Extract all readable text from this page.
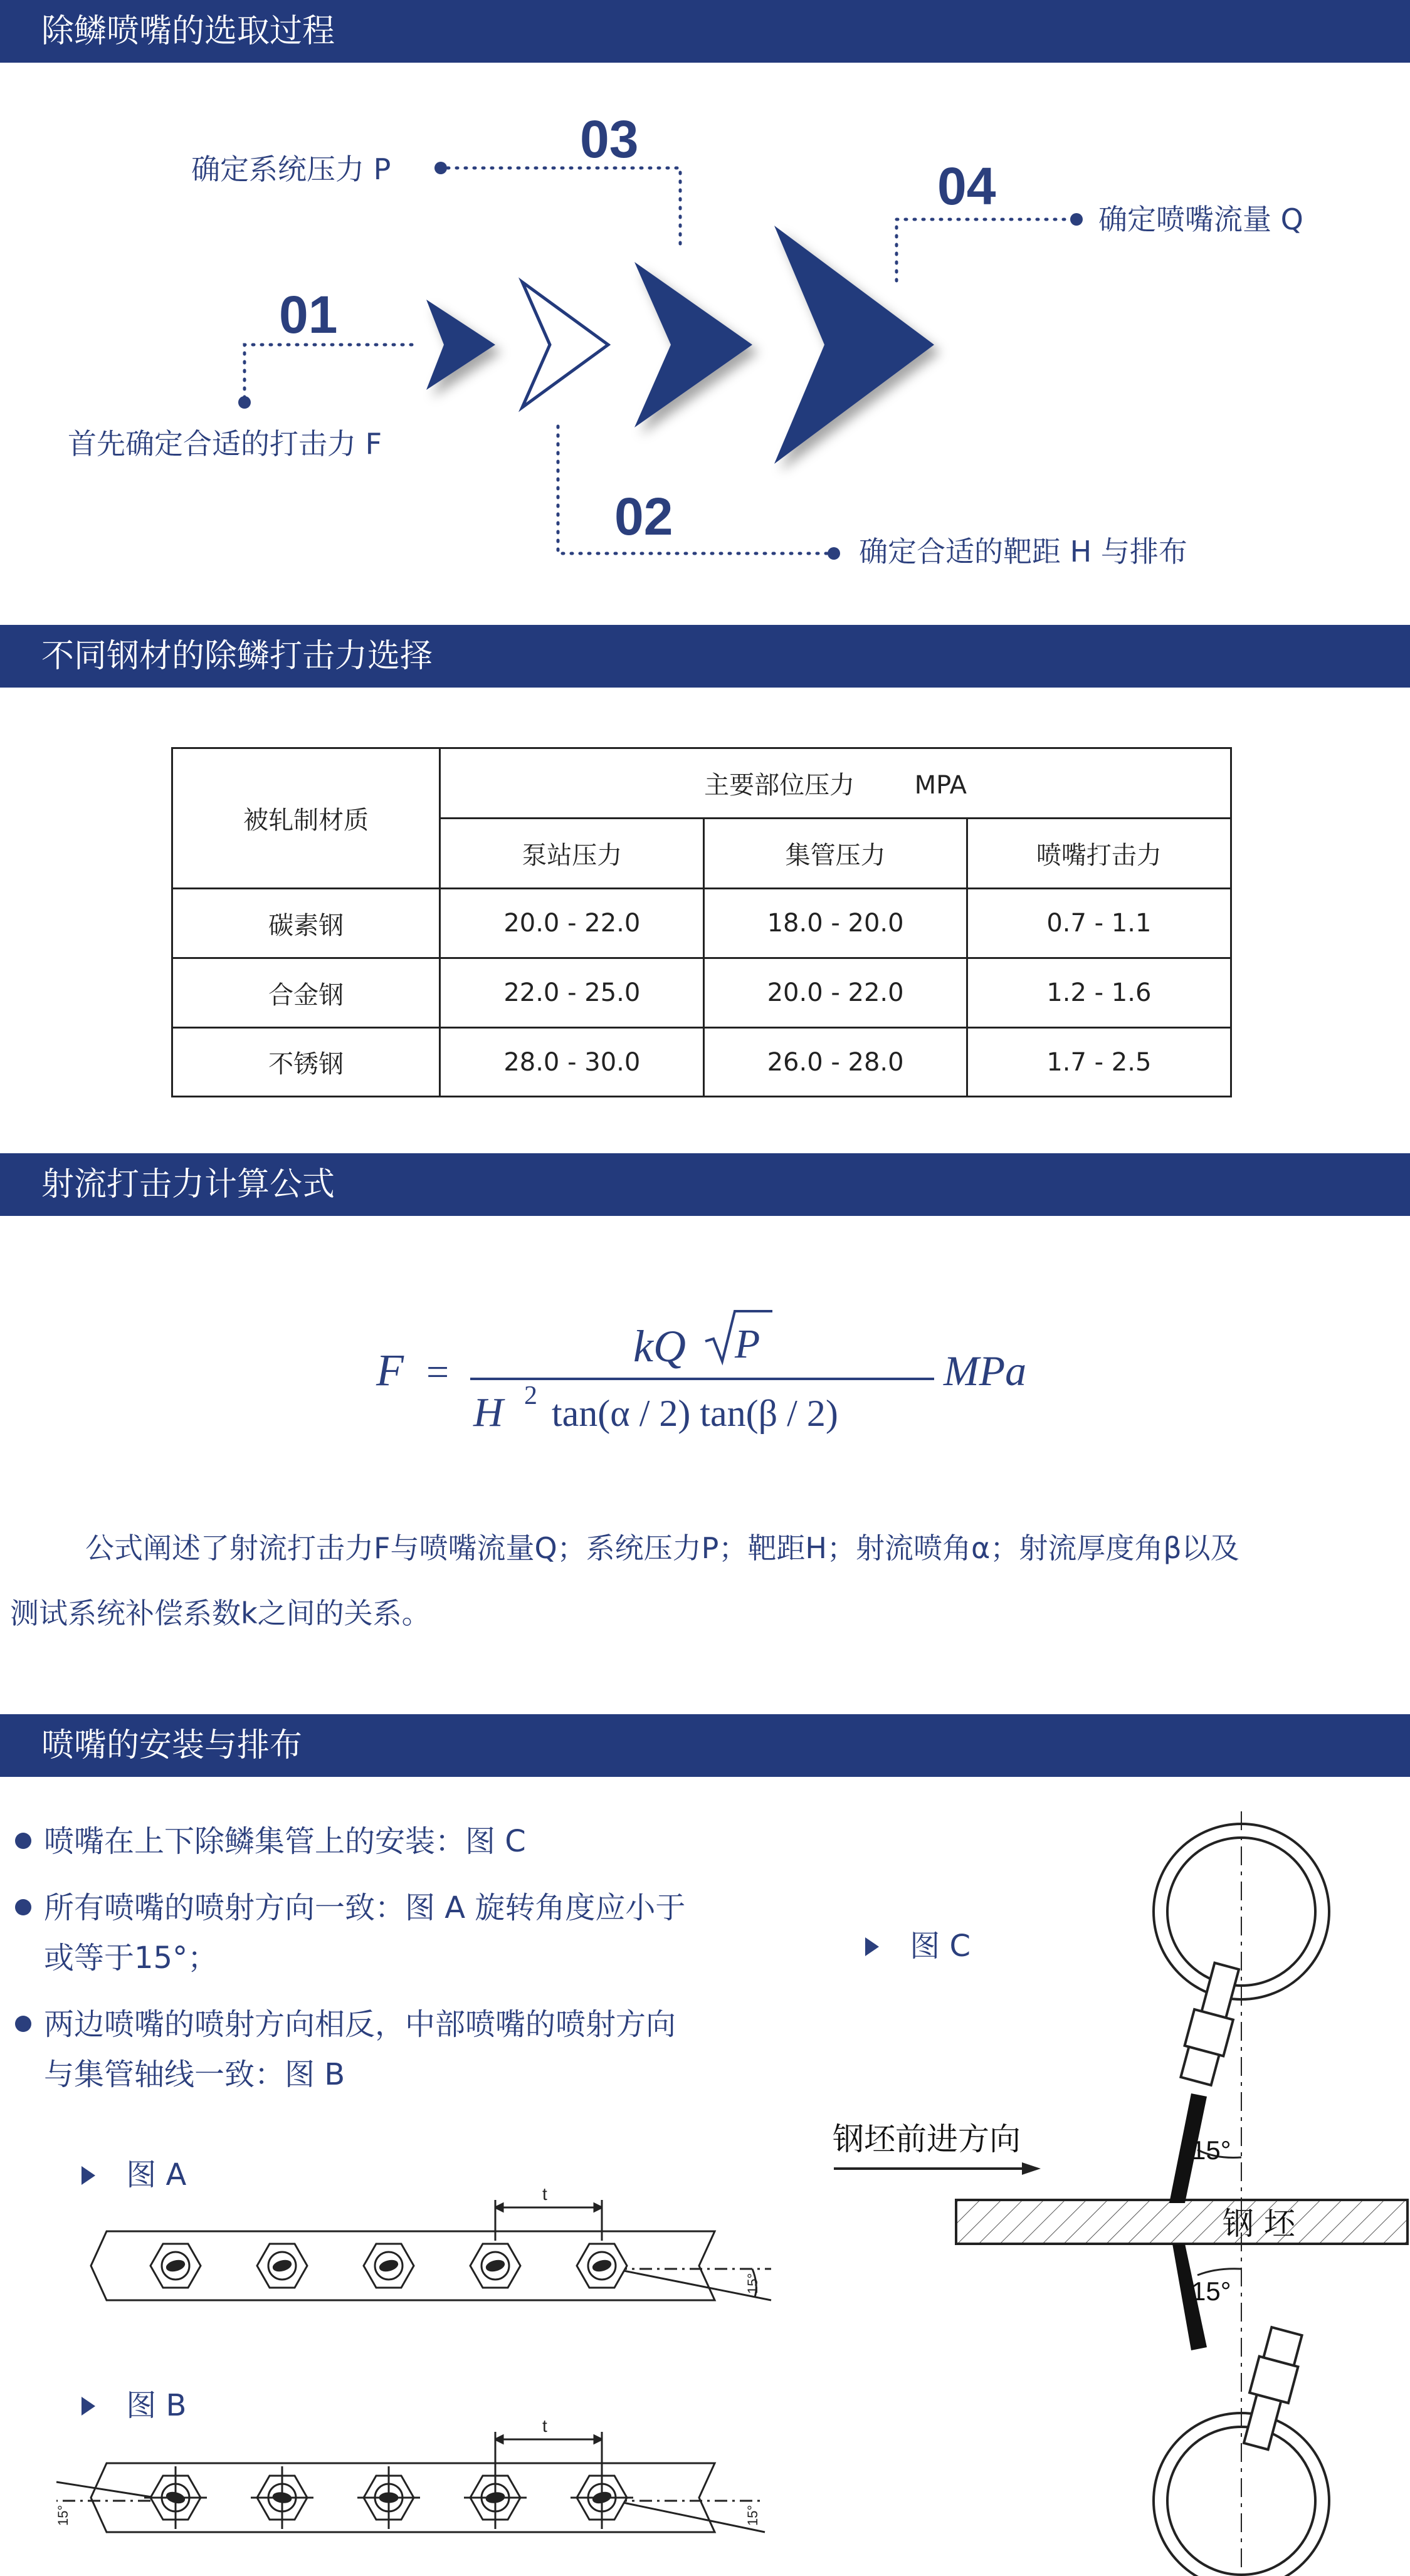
除鳞喷嘴的选取过程
01
首先确定合适的打击力 F
03
确定系统压力 P
02
确定合适的靶距 H 与排布
04
确定喷嘴流量 Q
不同钢材的除鳞打击力选择
被轧制材质	主要部位压力 MPA		
	泵站压力	集管压力	喷嘴打击力
碳素钢	20.0 - 22.0	18.0 - 20.0	0.7 - 1.1
合金钢	22.0 - 25.0	20.0 - 22.0	1.2 - 1.6
不锈钢	28.0 - 30.0	26.0 - 28.0	1.7 - 2.5
射流打击力计算公式
F =
kQ P
H 2 tan(α / 2) tan(β / 2)
MPa
公式阐述了射流打击力F与喷嘴流量Q；系统压力P；靶距H；射流喷角α；射流厚度角β以及
测试系统补偿系数k之间的关系。
喷嘴的安装与排布
喷嘴在上下除鳞集管上的安装：图 C
所有喷嘴的喷射方向一致：图 A 旋转角度应小于
或等于15°；
两边喷嘴的喷射方向相反，中部喷嘴的喷射方向
与集管轴线一致：图 B
图 A
图 B
图 C
t
15°
t
15°
15°
钢坯前进方向
钢 坯
15°
15°
